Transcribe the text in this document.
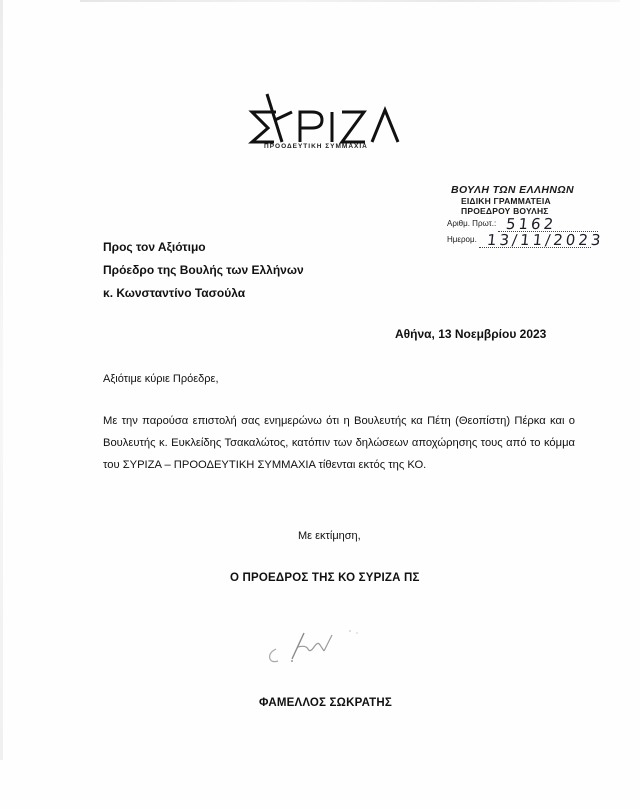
ΠΡΟΟΔΕΥΤΙΚΗ ΣΥΜΜΑΧΙΑ
ΒΟΥΛΗ ΤΩΝ ΕΛΛΗΝΩΝ
ΕΙΔΙΚΗ ΓΡΑΜΜΑΤΕΙΑ
ΠΡΟΕΔΡΟΥ ΒΟΥΛΗΣ
Αριθμ. Πρωτ.: 5162
Ημερομ. 13/11/2023
Προς τον Αξιότιμο
Πρόεδρο της Βουλής των Ελλήνων
κ. Κωνσταντίνο Τασούλα
Αθήνα, 13 Νοεμβρίου 2023
Αξιότιμε κύριε Πρόεδρε,
Με την παρούσα επιστολή σας ενημερώνω ότι η Βουλευτής κα Πέτη (Θεοπίστη) Πέρκα και ο Βουλευτής κ. Ευκλείδης Τσακαλώτος, κατόπιν των δηλώσεων αποχώρησης τους από το κόμμα του ΣΥΡΙΖΑ – ΠΡΟΟΔΕΥΤΙΚΗ ΣΥΜΜΑΧΙΑ τίθενται εκτός της ΚΟ.
Με εκτίμηση,
Ο ΠΡΟΕΔΡΟΣ ΤΗΣ ΚΟ ΣΥΡΙΖΑ ΠΣ
ΦΑΜΕΛΛΟΣ ΣΩΚΡΑΤΗΣ
